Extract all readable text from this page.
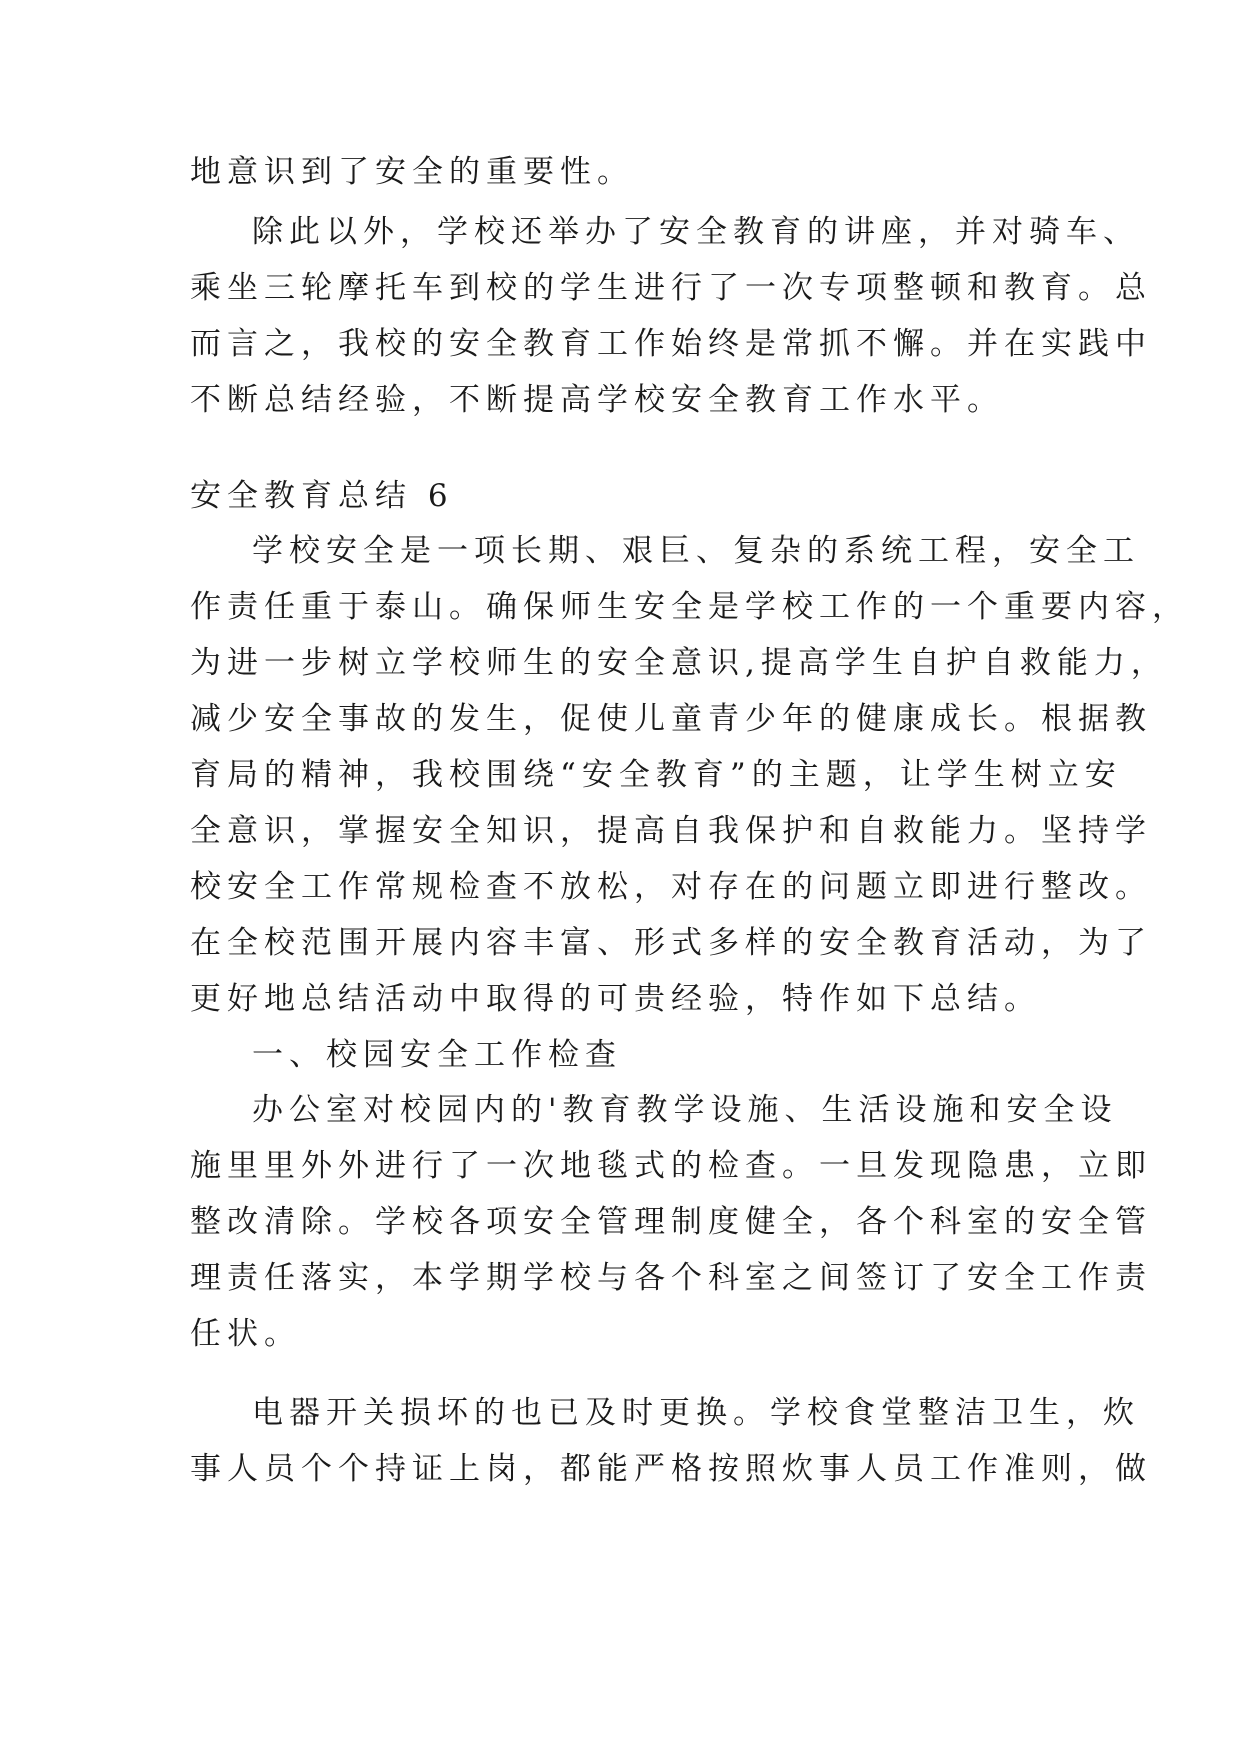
地意识到了安全的重要性。
除此以外，学校还举办了安全教育的讲座，并对骑车、
乘坐三轮摩托车到校的学生进行了一次专项整顿和教育。总
而言之，我校的安全教育工作始终是常抓不懈。并在实践中
不断总结经验，不断提高学校安全教育工作水平。
安全教育总结 6
学校安全是一项长期、艰巨、复杂的系统工程，安全工
作责任重于泰山。确保师生安全是学校工作的一个重要内容，
为进一步树立学校师生的安全意识,提高学生自护自救能力，
减少安全事故的发生，促使儿童青少年的健康成长。根据教
育局的精神，我校围绕“安全教育”的主题，让学生树立安
全意识，掌握安全知识，提高自我保护和自救能力。坚持学
校安全工作常规检查不放松，对存在的问题立即进行整改。
在全校范围开展内容丰富、形式多样的安全教育活动，为了
更好地总结活动中取得的可贵经验，特作如下总结。
一、校园安全工作检查
办公室对校园内的'教育教学设施、生活设施和安全设
施里里外外进行了一次地毯式的检查。一旦发现隐患，立即
整改清除。学校各项安全管理制度健全，各个科室的安全管
理责任落实，本学期学校与各个科室之间签订了安全工作责
任状。
电器开关损坏的也已及时更换。学校食堂整洁卫生，炊
事人员个个持证上岗，都能严格按照炊事人员工作准则，做
